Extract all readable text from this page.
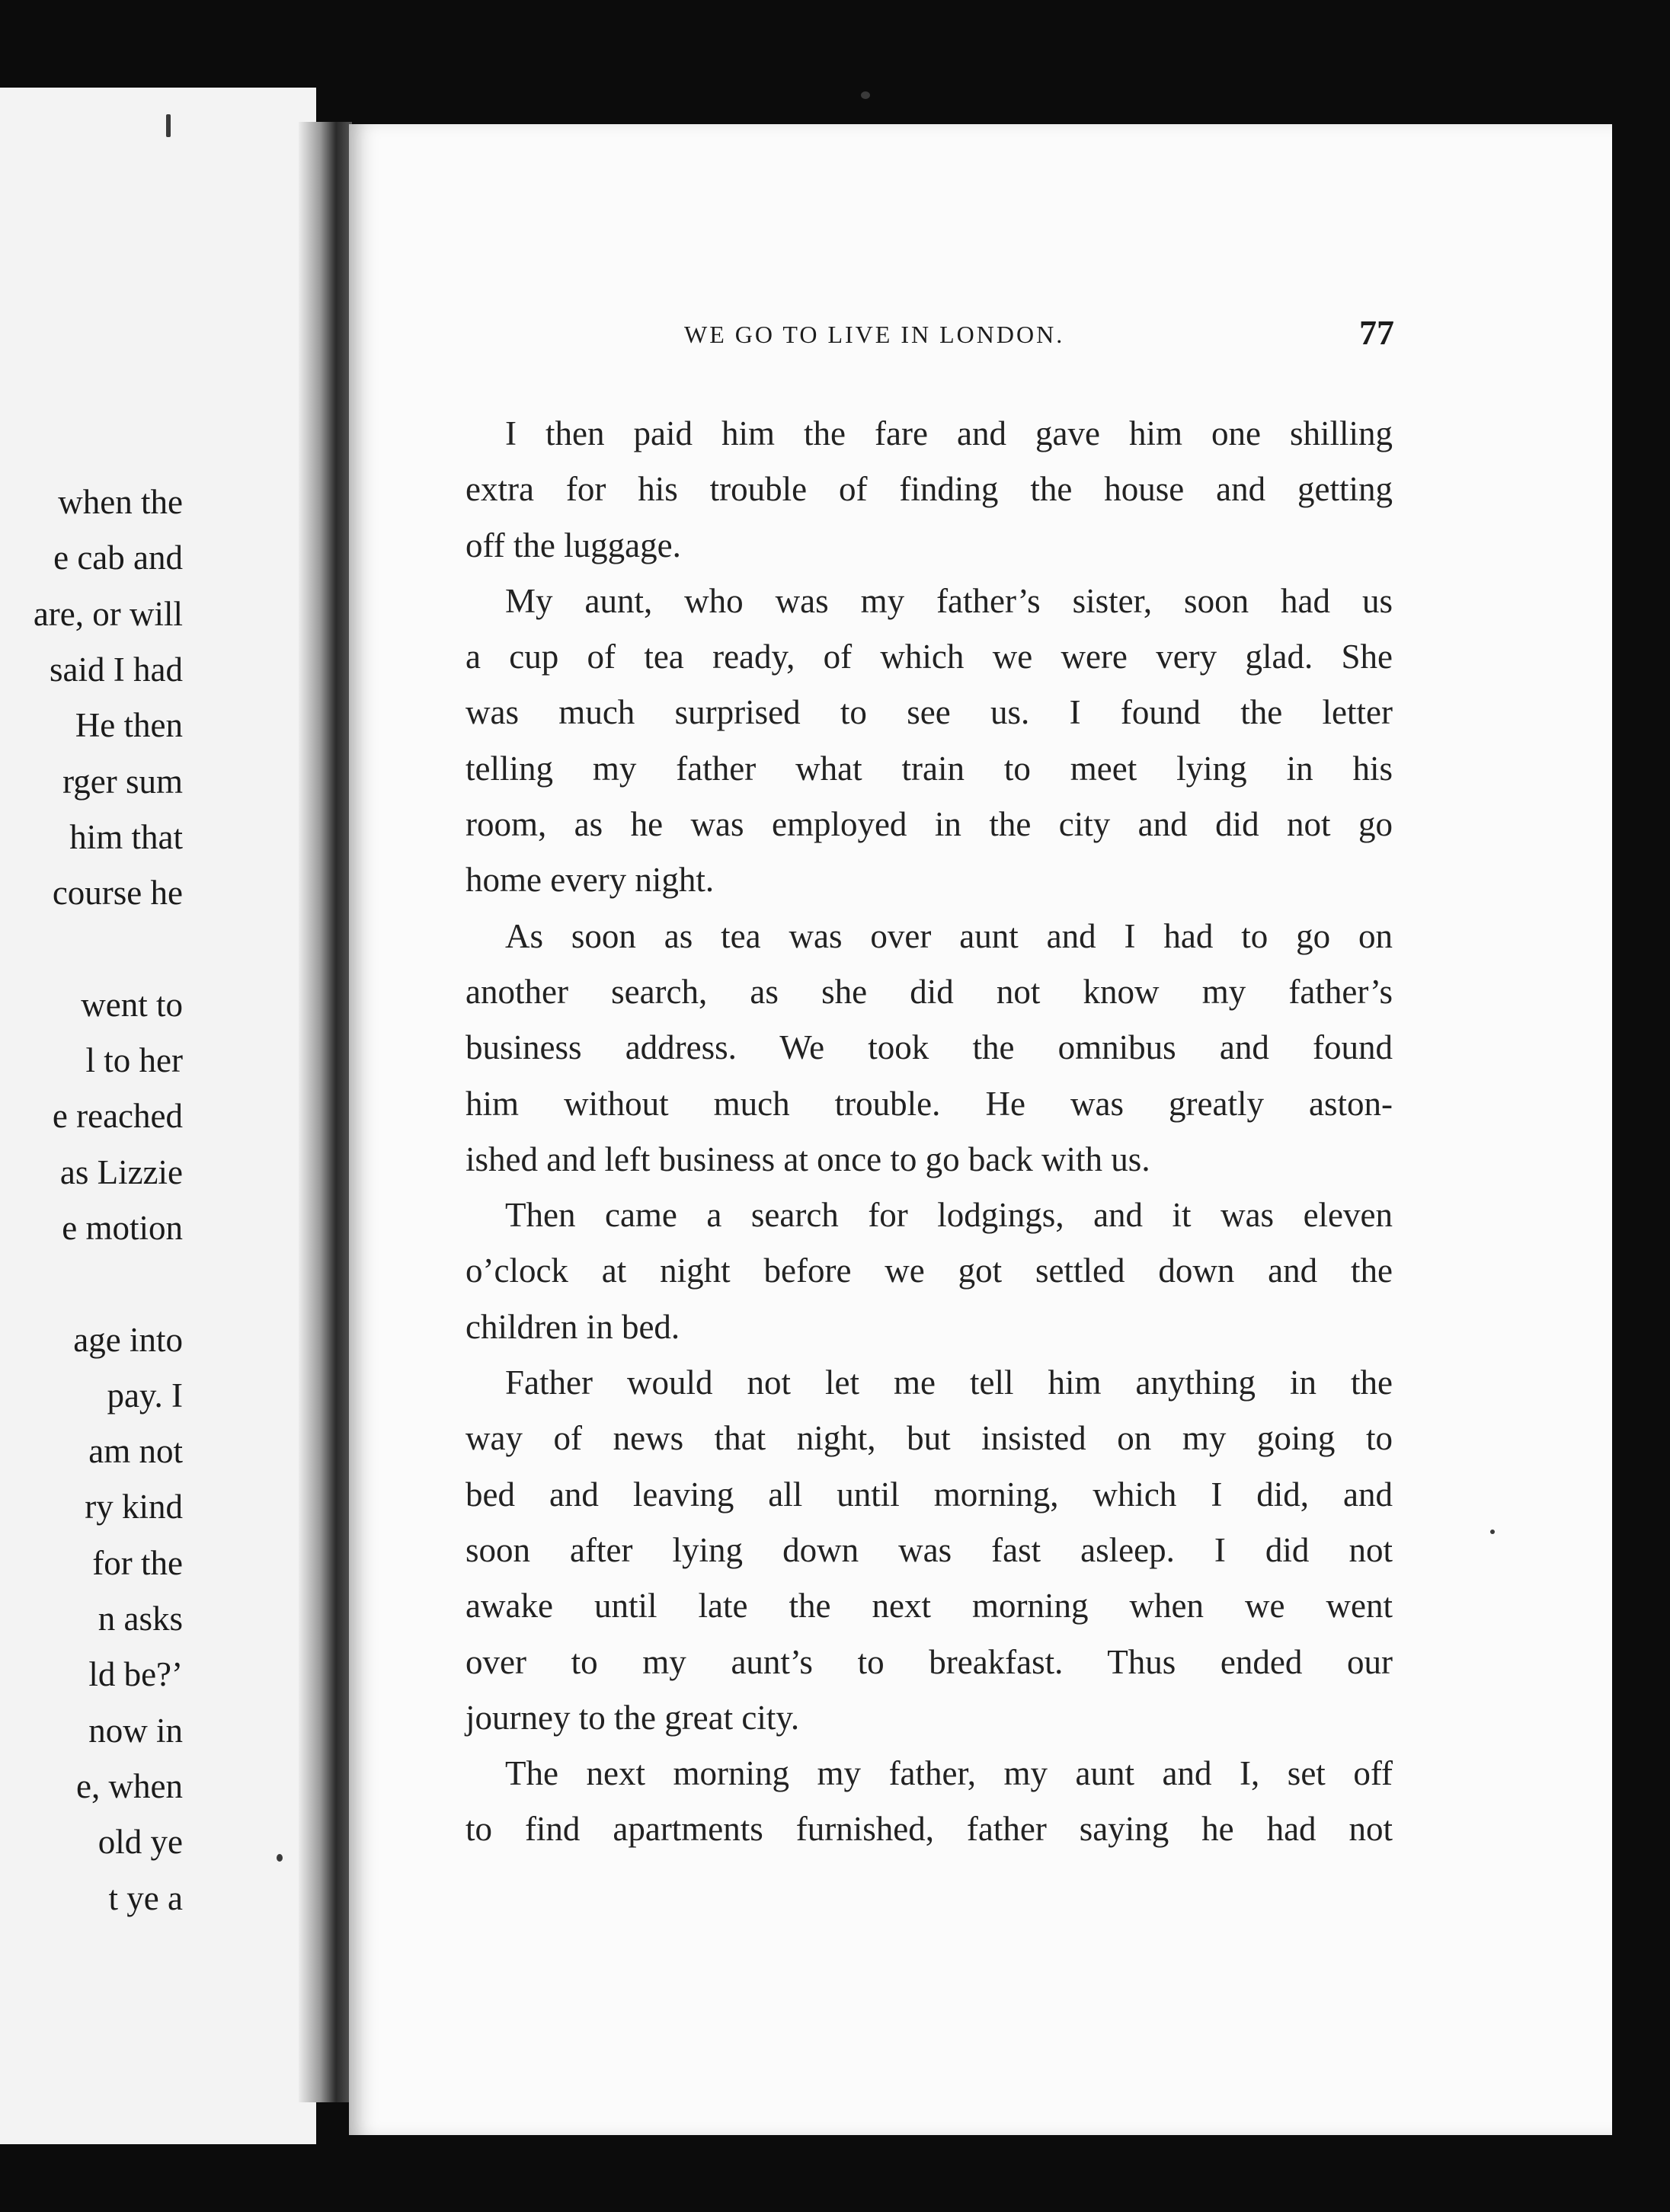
when the
e cab and
are, or will
said I had
He then
rger sum
him that
course he
went to
l to her
e reached
as Lizzie
e motion
age into
pay. I
am not
ry kind
for the
n asks
ld be?’
now in
e, when
old ye
t ye a
WE GO TO LIVE IN LONDON.	77
I then paid him the fare and gave him one shilling
extra for his trouble of finding the house and getting
off the luggage.
My aunt, who was my father’s sister, soon had us
a cup of tea ready, of which we were very glad. She
was much surprised to see us. I found the letter
telling my father what train to meet lying in his
room, as he was employed in the city and did not go
home every night.
As soon as tea was over aunt and I had to go on
another search, as she did not know my father’s
business address. We took the omnibus and found
him without much trouble. He was greatly aston-
ished and left business at once to go back with us.
Then came a search for lodgings, and it was eleven
o’clock at night before we got settled down and the
children in bed.
Father would not let me tell him anything in the
way of news that night, but insisted on my going to
bed and leaving all until morning, which I did, and
soon after lying down was fast asleep. I did not
awake until late the next morning when we went
over to my aunt’s to breakfast. Thus ended our
journey to the great city.
The next morning my father, my aunt and I, set off
to find apartments furnished, father saying he had not
